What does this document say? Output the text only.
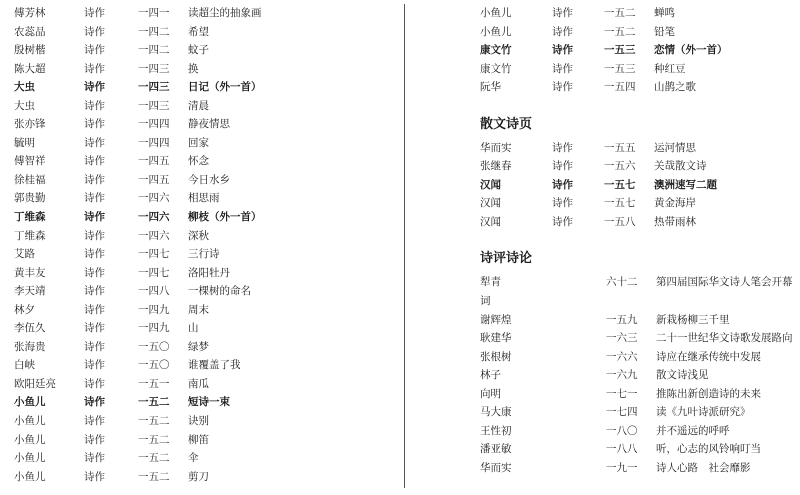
傅芳林	诗作	一四一 读超尘的抽象画
农蕊品	诗作	一四二 希望
殷树楷	诗作	一四二 蚊子
陈大超	诗作	一四三 换
大虫	诗作	一四三 日记（外一首）
大虫	诗作	一四三 清晨
张亦锋	诗作	一四四 静夜情思
毓明	诗作	一四四 回家
傅智祥	诗作	一四五 怀念
徐桂福	诗作	一四五 今日水乡
郭贵勤	诗作	一四六 相思雨
丁维森	诗作	一四六 柳枝（外一首）
丁维森	诗作	一四六 深秋
艾路	诗作	一四七 三行诗
黄丰友	诗作	一四七 洛阳牡丹
李天靖	诗作	一四八 一棵树的命名
林夕	诗作	一四九 周末
李伍久	诗作	一四九 山
张海贵	诗作	一五〇 绿梦
白峡	诗作	一五〇 谁覆盖了我
欧阳廷亮	诗作	一五一 南瓜
小鱼儿	诗作	一五二 短诗一束
小鱼儿	诗作	一五二 诀别
小鱼儿	诗作	一五二 柳笛
小鱼儿	诗作	一五二 伞
小鱼儿	诗作	一五二 剪刀
小鱼儿	诗作	一五二 蝉鸣
小鱼儿	诗作	一五二 铅笔
康文竹	诗作	一五三 恋情（外一首）
康文竹	诗作	一五三 种红豆
阮华	诗作	一五四 山鹊之歌
散文诗页
华而实	诗作	一五五 运河情思
张继春	诗作	一五六 关哉散文诗
汉闻	诗作	一五七 澳洲速写二题
汉闻	诗作	一五七 黄金海岸
汉闻	诗作	一五八 热带雨林
诗评诗论
犁青	六十二 第四届国际华文诗人笔会开幕
词
谢辉煌	一五九 新栽杨柳三千里
耿建华	一六三 二十一世纪华文诗歌发展路向
张根树	一六六 诗应在继承传统中发展
林子	一六九 散文诗浅见
向明	一七一 推陈出新创造诗的未来
马大康	一七四 读《九叶诗派研究》
王性初	一八〇 并不遥远的呼呼
潘亚敏	一八八 听，心志的风铃响叮当
华而实	一九一 诗人心路　社会靡影
